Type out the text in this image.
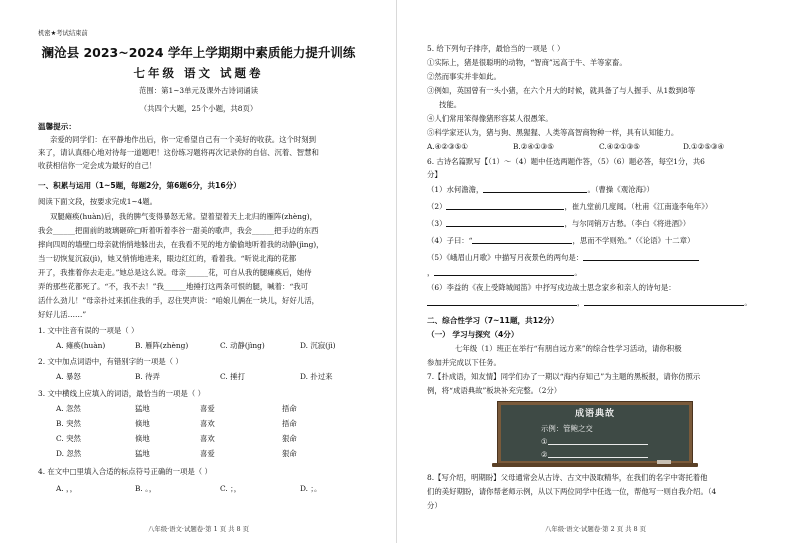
机密★考试结束前
澜沧县 2023~2024 学年上学期期中素质能力提升训练
七年级 语文 试题卷
范围：第1~3单元及课外古诗词诵读
（共四个大题，25个小题，共8页）
温馨提示：
亲爱的同学们：在平静地作出后，你一定希望自己有一个美好的收获。这个时刻到
来了，请认真细心地对待每一道题吧！这份练习题将再次记录你的自信、沉着、智慧和
收获相信你一定会成为最好的自己！
一、积累与运用（1~5题，每题2分，第6题6分，共16分）
阅读下面文段，按要求完成1~4题。
双腿瘫痪(huàn)后，我的脾气变得暴怒无常。望着望着天上北归的雁阵(zhèng)，
我会______把面前的玻璃砸碎□听着听着李谷一甜美的歌声，我会______把手边的东西
摔向四周的墙壁□母亲就悄悄地躲出去，在我看不见的地方偷偷地听着我的动静(jìng)，
当一切恢复沉寂(jì)，她又悄悄地进来，眼边红红的，看着我。“听说北海的花都
开了，我推着你去走走。”她总是这么说。母亲______花，可自从我的腿瘫痪后，她侍
弄的那些花都死了。“不，我不去！”我______地捶打这两条可恨的腿，喊着：“我可
活什么劲儿！”母亲扑过来抓住我的手，忍住哭声说：“咱娘儿俩在一块儿，好好儿活，
好好儿活……”
1. 文中注音有误的一项是（ ）
A. 瘫痪(huàn)	B. 雁阵(zhèng)	C. 动静(jìng)	D. 沉寂(jì)
2. 文中加点词语中，有错别字的一项是（ ）
A. 暴怒	B. 待弄	C. 捶打	D. 扑过来
3. 文中横线上应填入的词语，最恰当的一项是（ ）
A. 忽然	猛地	喜爱	捂命
B. 突然	倏地	喜欢	捂命
C. 突然	倏地	喜欢	狠命
D. 忽然	猛地	喜爱	狠命
4. 在文中□里填入合适的标点符号正确的一项是（ ）
A. ，，	B. 。，	C. ；，	D. ；。
八年级·语文·试题卷·第 1 页 共 8 页
5. 给下列句子排序，最恰当的一项是（ ）
①实际上，猪是很聪明的动物，“智商”远高于牛、羊等家畜。
②然而事实并非如此。
③例如，英国曾有一头小猪，在六个月大的时候，就具备了与人握手、从1数到8等
技能。
④人们常用笨得像猪形容某人很愚笨。
⑤科学家还认为，猪与狗、黑猩猩、人类等高智商物种一样，具有认知能力。
A.④②③⑤①	B.②④①③⑤	C.④②①③⑤	D.①②⑤③④
6. 古诗名篇默写【（1）～（4）题中任选两题作答，（5）（6）题必答，每空1分，共6
分】
（1）水何澹澹，	。（曹操《观沧海》）
（2）	，崔九堂前几度闻。（杜甫《江南逢李龟年》）
（3）	，与尔同销万古愁。（李白《将进酒》）
（4）子曰：“	，思而不学则殆。”（《论语》十二章）
（5）《峨眉山月歌》中描写月夜景色的两句是：
，	。
（6）李益的《夜上受降城闻笛》中抒写戍边战士思念家乡和亲人的诗句是：
，	。
二、综合性学习（7~11题，共12分）
（一） 学习与探究（4分）
七年级（1）班正在举行“有朋自远方来”的综合性学习活动，请你积极
参加并完成以下任务。
7.【扑成语，知友情】同学们办了一期以“海内存知己”为主题的黑板报，请你仿照示
例，将“成语典故”板块补充完整。（2分）
成语典故
示例：管鲍之交
①
②
8.【写介绍，明期盼】父母通常会从古诗、古文中汲取精华，在我们的名字中寄托着他
们的美好期盼，请你帮老师示例，从以下两位同学中任选一位，帮他写一则自我介绍。（4
分）
八年级·语文·试题卷·第 2 页 共 8 页
